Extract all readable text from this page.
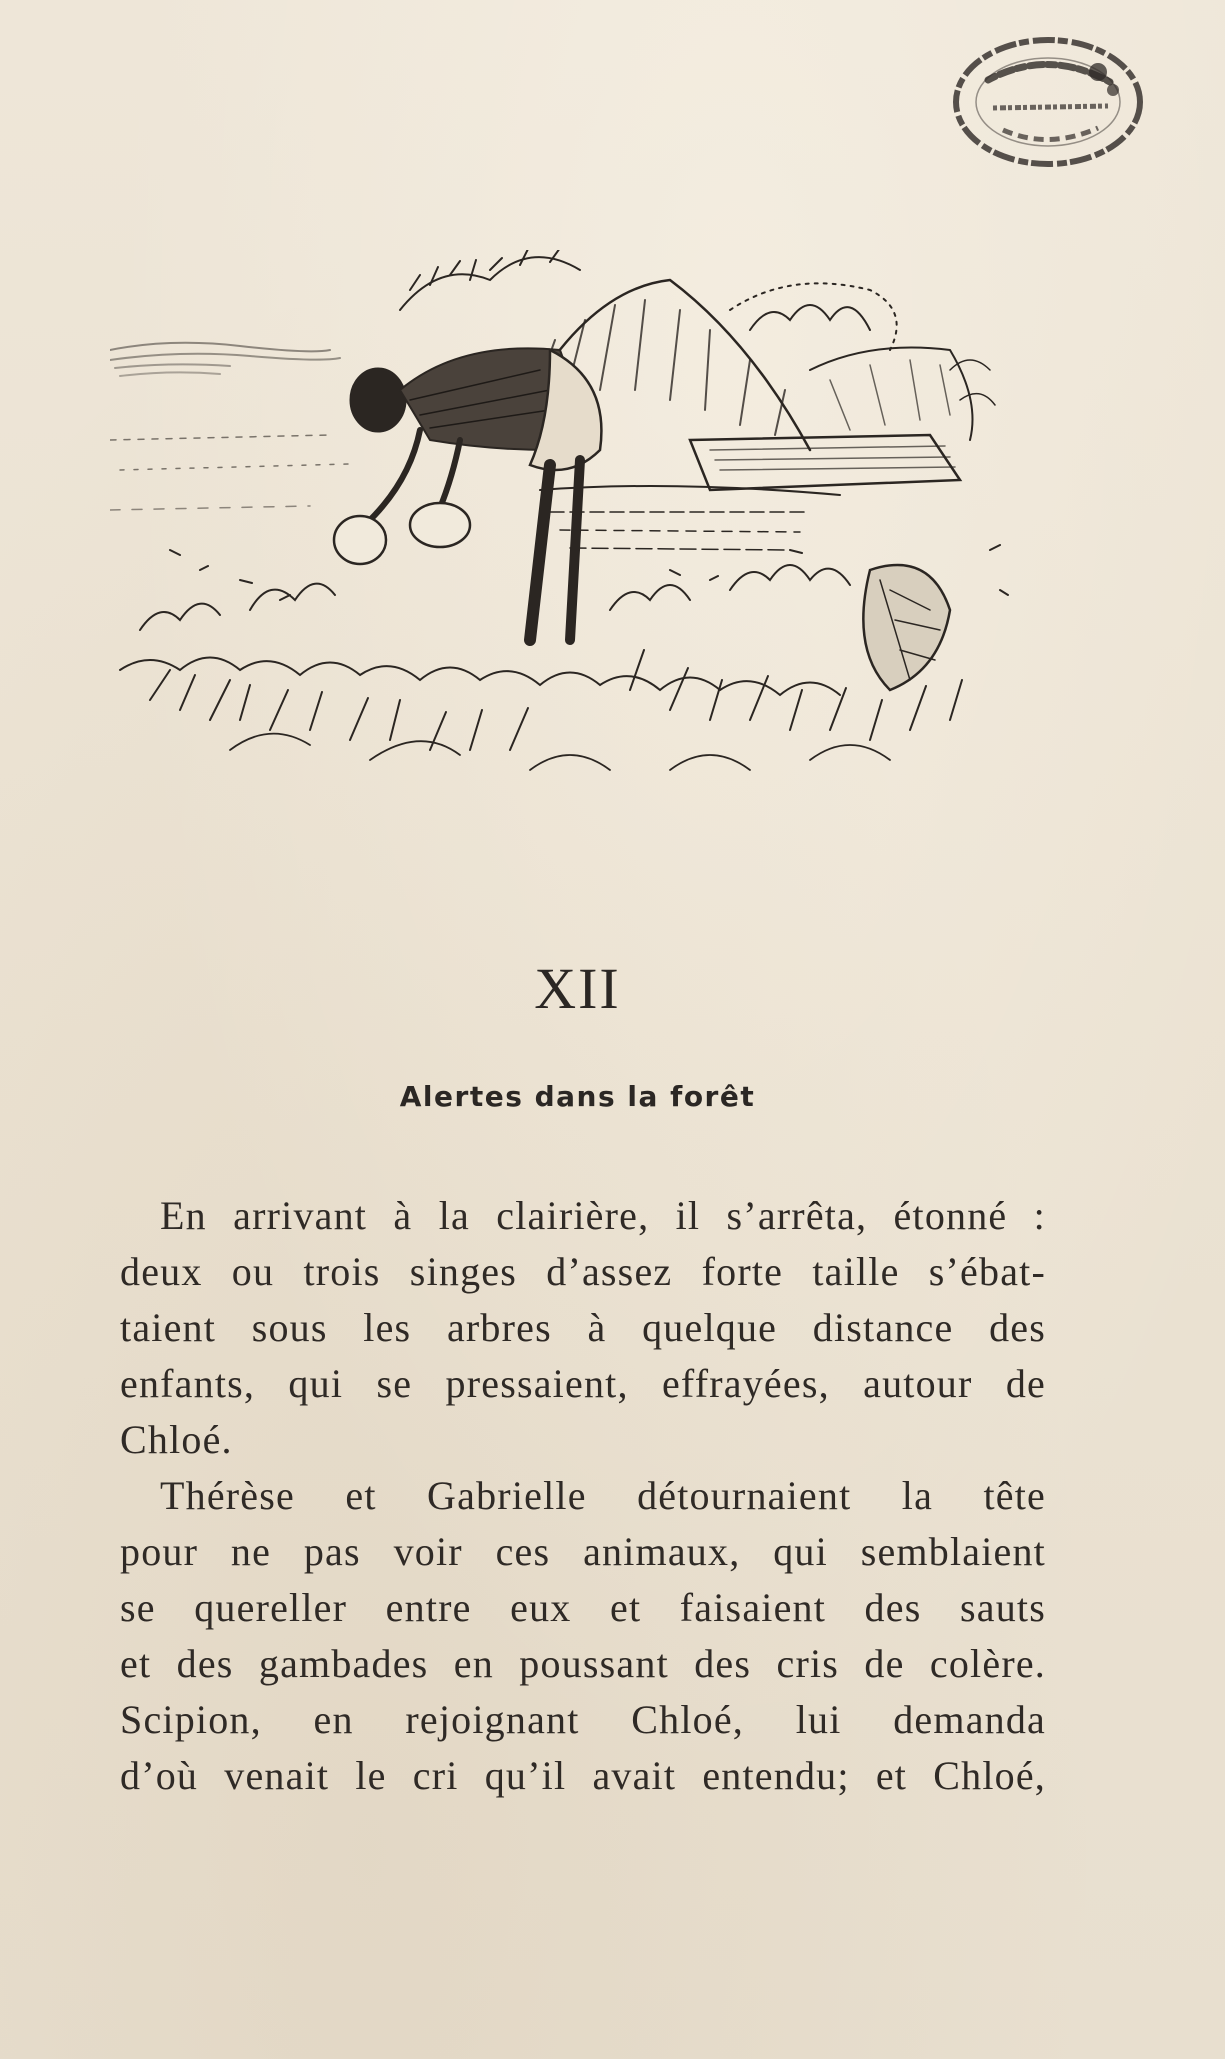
XII
Alertes dans la forêt
En arrivant à la clairière, il s’arrêta, étonné :
deux ou trois singes d’assez forte taille s’ébat-
taient sous les arbres à quelque distance des
enfants, qui se pressaient, effrayées, autour de
Chloé.
Thérèse et Gabrielle détournaient la tête
pour ne pas voir ces animaux, qui semblaient
se quereller entre eux et faisaient des sauts
et des gambades en poussant des cris de colère.
Scipion, en rejoignant Chloé, lui demanda
d’où venait le cri qu’il avait entendu; et Chloé,
